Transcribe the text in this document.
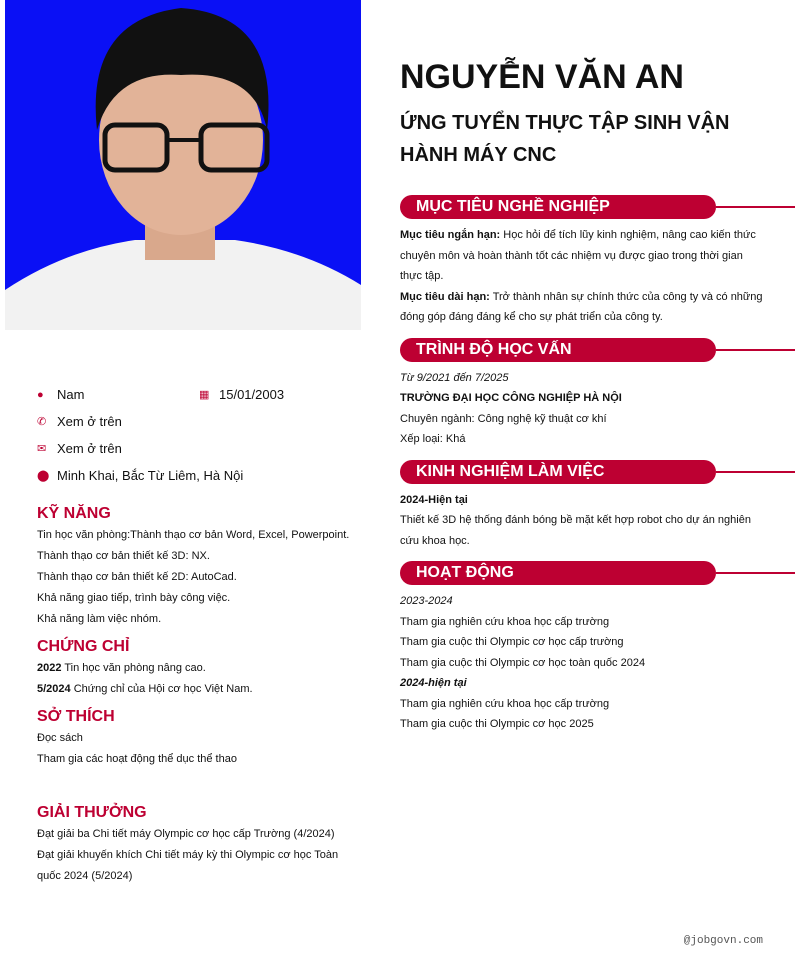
●	Nam	▦ 15/01/2003
✆ Xem ở trên
✉ Xem ở trên
⬤ Minh Khai, Bắc Từ Liêm, Hà Nội
KỸ NĂNG
Tin học văn phòng:Thành thạo cơ bản Word, Excel, Powerpoint.
Thành thạo cơ bản thiết kế 3D: NX.
Thành thạo cơ bản thiết kế 2D: AutoCad.
Khả năng giao tiếp, trình bày công việc.
Khả năng làm việc nhóm.
CHỨNG CHỈ
2022 Tin học văn phòng nâng cao.
5/2024 Chứng chỉ của Hội cơ học Việt Nam.
SỞ THÍCH
Đọc sách
Tham gia các hoạt động thể dục thể thao
GIẢI THƯỞNG
Đạt giải ba Chi tiết máy Olympic cơ học cấp Trường (4/2024)
Đạt giải khuyến khích Chi tiết máy kỳ thi Olympic cơ học Toàn quốc 2024 (5/2024)
NGUYỄN VĂN AN
ỨNG TUYỂN THỰC TẬP SINH VẬN HÀNH MÁY CNC
MỤC TIÊU NGHỀ NGHIỆP
Mục tiêu ngắn hạn: Học hỏi để tích lũy kinh nghiệm, nâng cao kiến thức chuyên môn và hoàn thành tốt các nhiệm vụ được giao trong thời gian thực tập.
Mục tiêu dài hạn: Trở thành nhân sự chính thức của công ty và có những đóng góp đáng đáng kể cho sự phát triển của công ty.
TRÌNH ĐỘ HỌC VẤN
Từ 9/2021 đến 7/2025
TRƯỜNG ĐẠI HỌC CÔNG NGHIỆP HÀ NỘI
Chuyên ngành: Công nghệ kỹ thuật cơ khí
Xếp loại: Khá
KINH NGHIỆM LÀM VIỆC
2024-Hiện tại
Thiết kế 3D hệ thống đánh bóng bề mặt kết hợp robot cho dự án nghiên cứu khoa học.
HOẠT ĐỘNG
2023-2024
Tham gia nghiên cứu khoa học cấp trường
Tham gia cuộc thi Olympic cơ học cấp trường
Tham gia cuộc thi Olympic cơ học toàn quốc 2024
2024-hiện tại
Tham gia nghiên cứu khoa học cấp trường
Tham gia cuộc thi Olympic cơ học 2025
@jobgovn.com
